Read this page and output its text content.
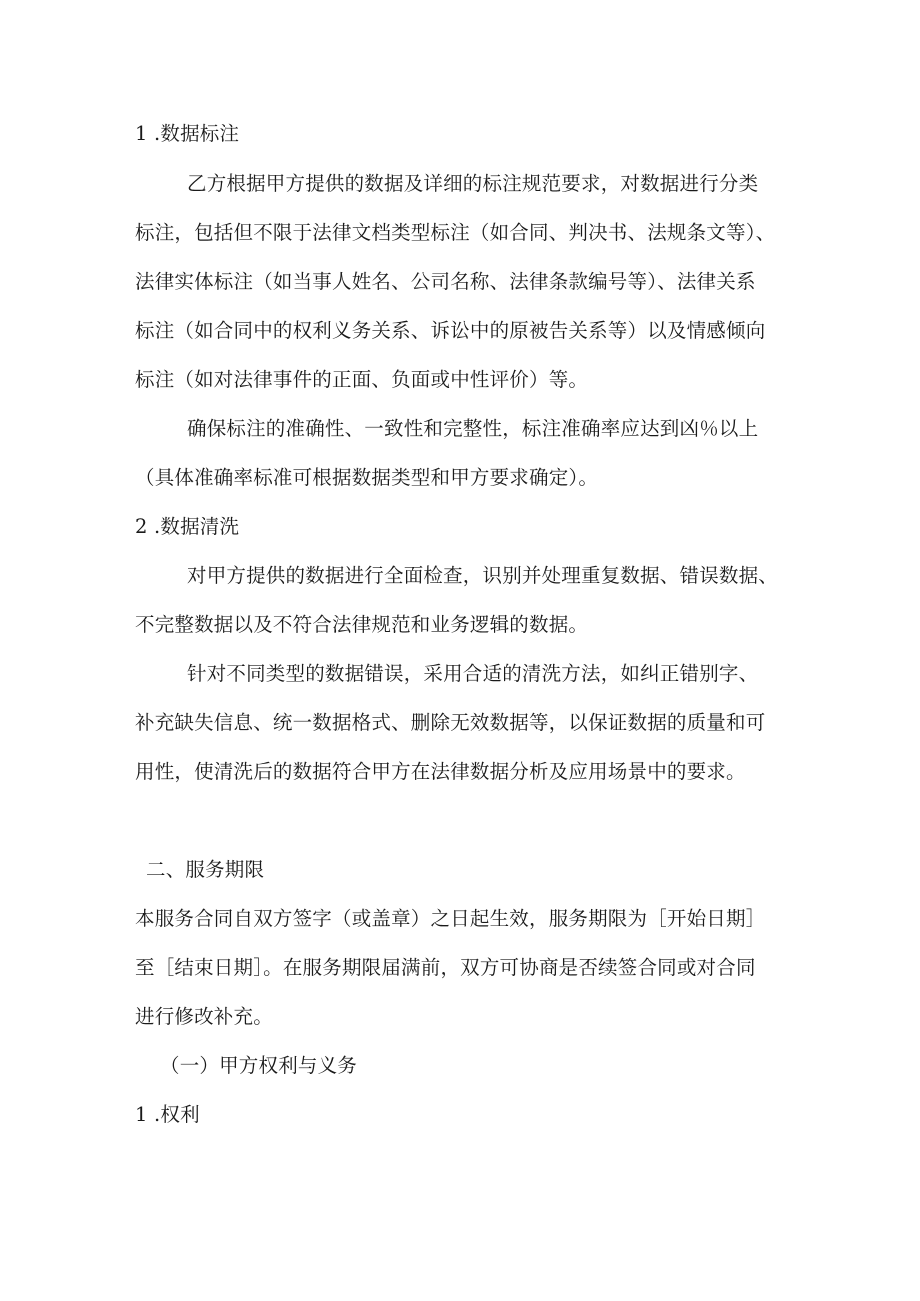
1 .数据标注
乙方根据甲方提供的数据及详细的标注规范要求，对数据进行分类
标注，包括但不限于法律文档类型标注（如合同、判决书、法规条文等）、
法律实体标注（如当事人姓名、公司名称、法律条款编号等）、法律关系
标注（如合同中的权利义务关系、诉讼中的原被告关系等）以及情感倾向
标注（如对法律事件的正面、负面或中性评价）等。
确保标注的准确性、一致性和完整性，标注准确率应达到凶％以上
（具体准确率标准可根据数据类型和甲方要求确定）。
2 .数据清洗
对甲方提供的数据进行全面检查，识别并处理重复数据、错误数据、
不完整数据以及不符合法律规范和业务逻辑的数据。
针对不同类型的数据错误，采用合适的清洗方法，如纠正错别字、
补充缺失信息、统一数据格式、删除无效数据等，以保证数据的质量和可
用性，使清洗后的数据符合甲方在法律数据分析及应用场景中的要求。
二、服务期限
本服务合同自双方签字（或盖章）之日起生效，服务期限为［开始日期］
至［结束日期］。在服务期限届满前，双方可协商是否续签合同或对合同
进行修改补充。
（一）甲方权利与义务
1 .权利
